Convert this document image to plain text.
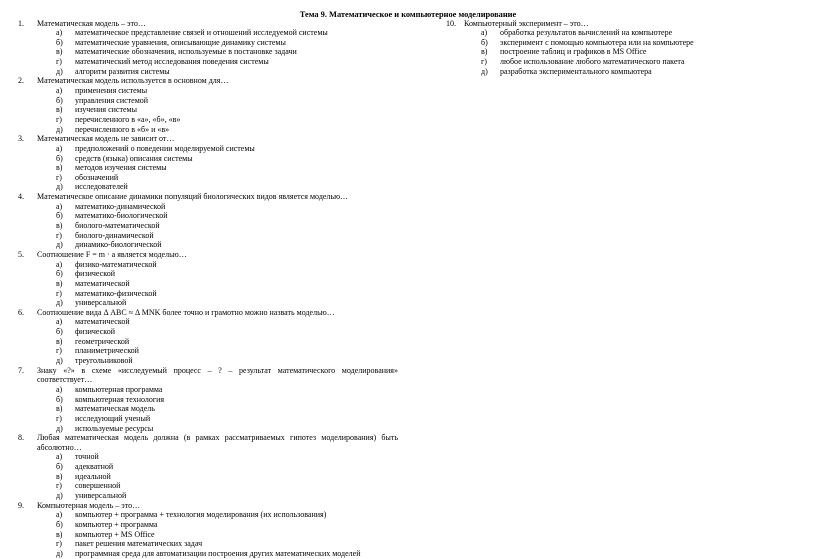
Тема 9. Математическое и компьютерное моделирование
1.	Математическая модель – это…
а) математическое представление связей и отношений исследуемой системы
б) математические уравнения, описывающие динамику системы
в) математические обозначения, используемые в постановке задачи
г) математический метод исследования поведения системы
д) алгоритм развития системы
2.	Математическая модель используется в основном для…
а) применения системы
б) управления системой
в) изучения системы
г) перечисленного в «а», «б», «в»
д) перечисленного в «б» и «в»
3.	Математическая модель не зависит от…
а) предположений о поведении моделируемой системы
б) средств (языка) описания системы
в) методов изучения системы
г) обозначений
д) исследователей
4.	Математическое описание динамики популяций биологических видов является моделью…
а) математико-динамической
б) математико-биологической
в) биолого-математической
г) биолого-динамической
д) динамико-биологической
5.	Соотношение F = m · a является моделью…
а) физико-математической
б) физической
в) математической
г) математико-физической
д) универсальной
6.	Соотношение вида Δ ABC ≈ Δ MNK более точно и грамотно можно назвать моделью…
а) математической
б) физической
в) геометрической
г) планиметрической
д) треугольниковой
7.	Знаку «?» в схеме «исследуемый процесс – ? – результат математического моделирования» соответствует…
а) компьютерная программа
б) компьютерная технология
в) математическая модель
г) исследующий ученый
д) используемые ресурсы
8.	Любая математическая модель должна (в рамках рассматриваемых гипотез моделирования) быть абсолютно…
а) точной
б) адекватной
в) идеальной
г) совершенной
д) универсальной
9.	Компьютерная модель – это…
а) компьютер + программа + технология моделирования (их использования)
б) компьютер + программа
в) компьютер + MS Office
г) пакет решения математических задач
д) программная среда для автоматизации построения других математических моделей
10.	Компьютерный эксперимент – это…
а) обработка результатов вычислений на компьютере
б) эксперимент с помощью компьютера или на компьютере
в) построение таблиц и графиков в MS Office
г) любое использование любого математического пакета
д) разработка экспериментального компьютера
